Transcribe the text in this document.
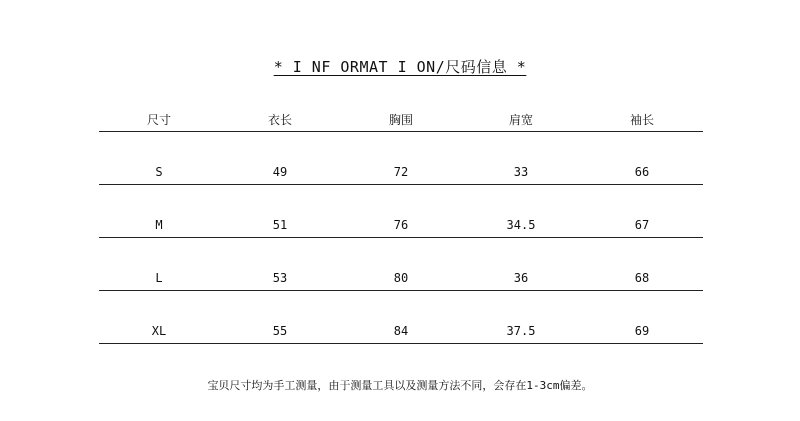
* I NF ORMAT I ON/尺码信息 *
尺寸	衣长	胸围	肩宽	袖长
S	49	72	33	66
M	51	76	34.5	67
L	53	80	36	68
XL	55	84	37.5	69
宝贝尺寸均为手工测量，由于测量工具以及测量方法不同，会存在1-3cm偏差。
